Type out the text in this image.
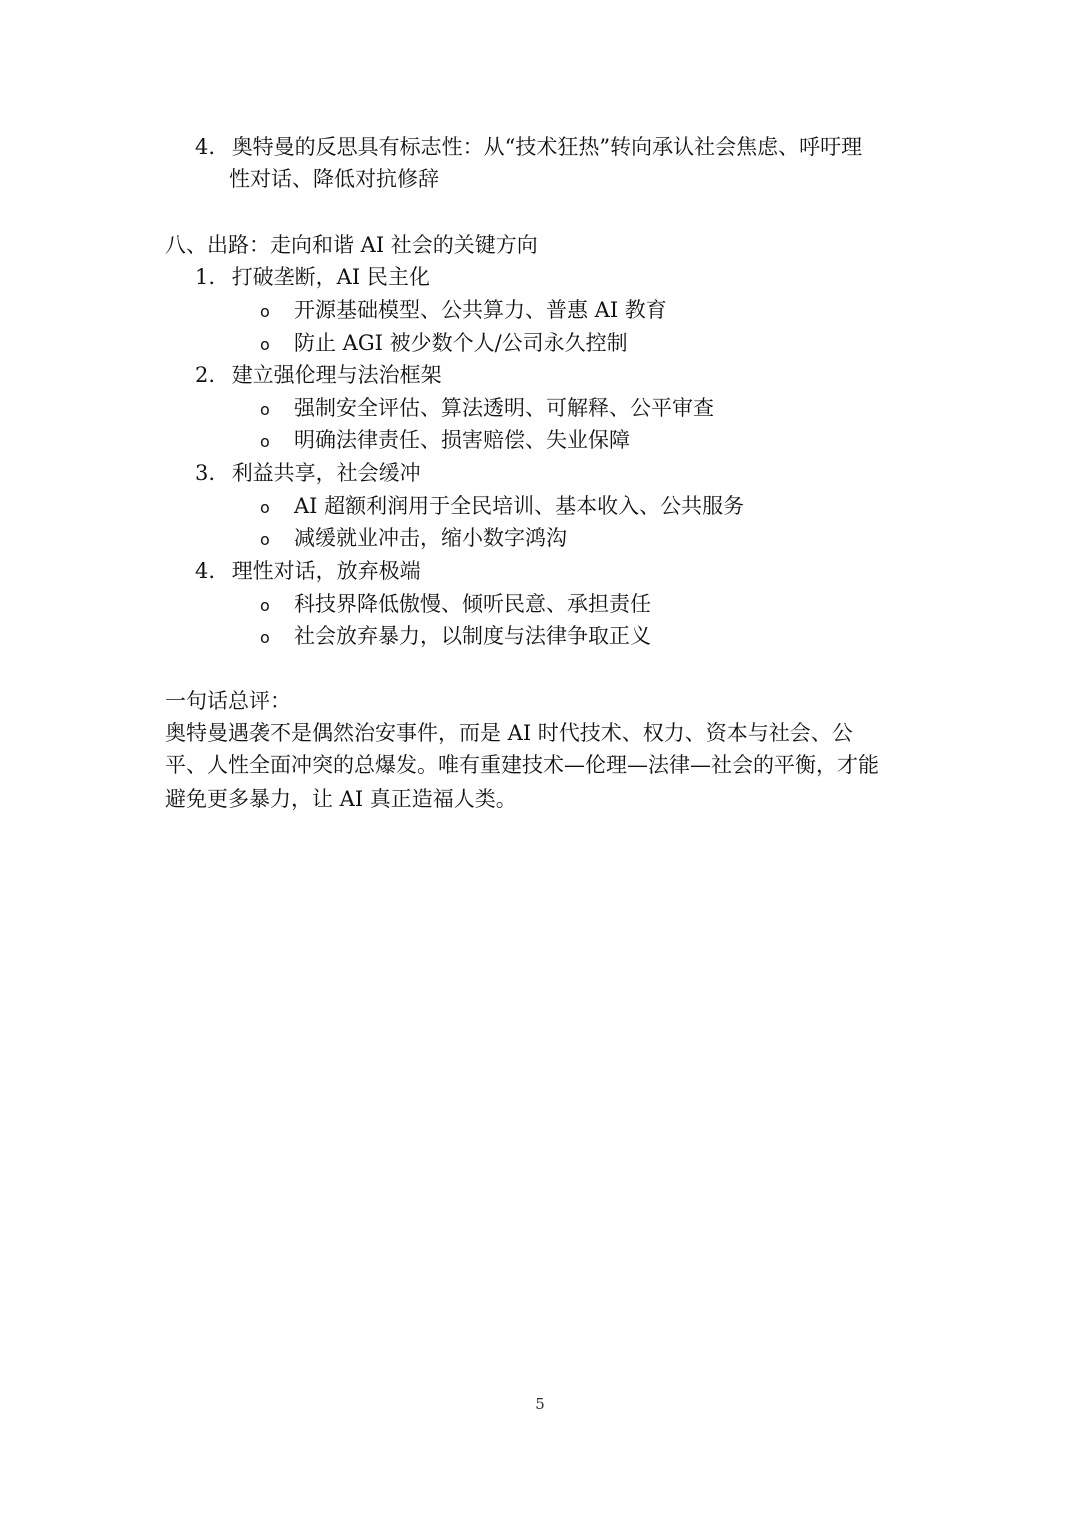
4. 奥特曼的反思具有标志性：从“技术狂热”转向承认社会焦虑、呼吁理
性对话、降低对抗修辞
八、出路：走向和谐 AI 社会的关键方向
1. 打破垄断，AI 民主化
o 开源基础模型、公共算力、普惠 AI 教育
o 防止 AGI 被少数个人/公司永久控制
2. 建立强伦理与法治框架
o 强制安全评估、算法透明、可解释、公平审查
o 明确法律责任、损害赔偿、失业保障
3. 利益共享，社会缓冲
o AI 超额利润用于全民培训、基本收入、公共服务
o 减缓就业冲击，缩小数字鸿沟
4. 理性对话，放弃极端
o 科技界降低傲慢、倾听民意、承担责任
o 社会放弃暴力，以制度与法律争取正义
一句话总评：
奥特曼遇袭不是偶然治安事件，而是 AI 时代技术、权力、资本与社会、公
平、人性全面冲突的总爆发。唯有重建技术—伦理—法律—社会的平衡，才能
避免更多暴力，让 AI 真正造福人类。
5
